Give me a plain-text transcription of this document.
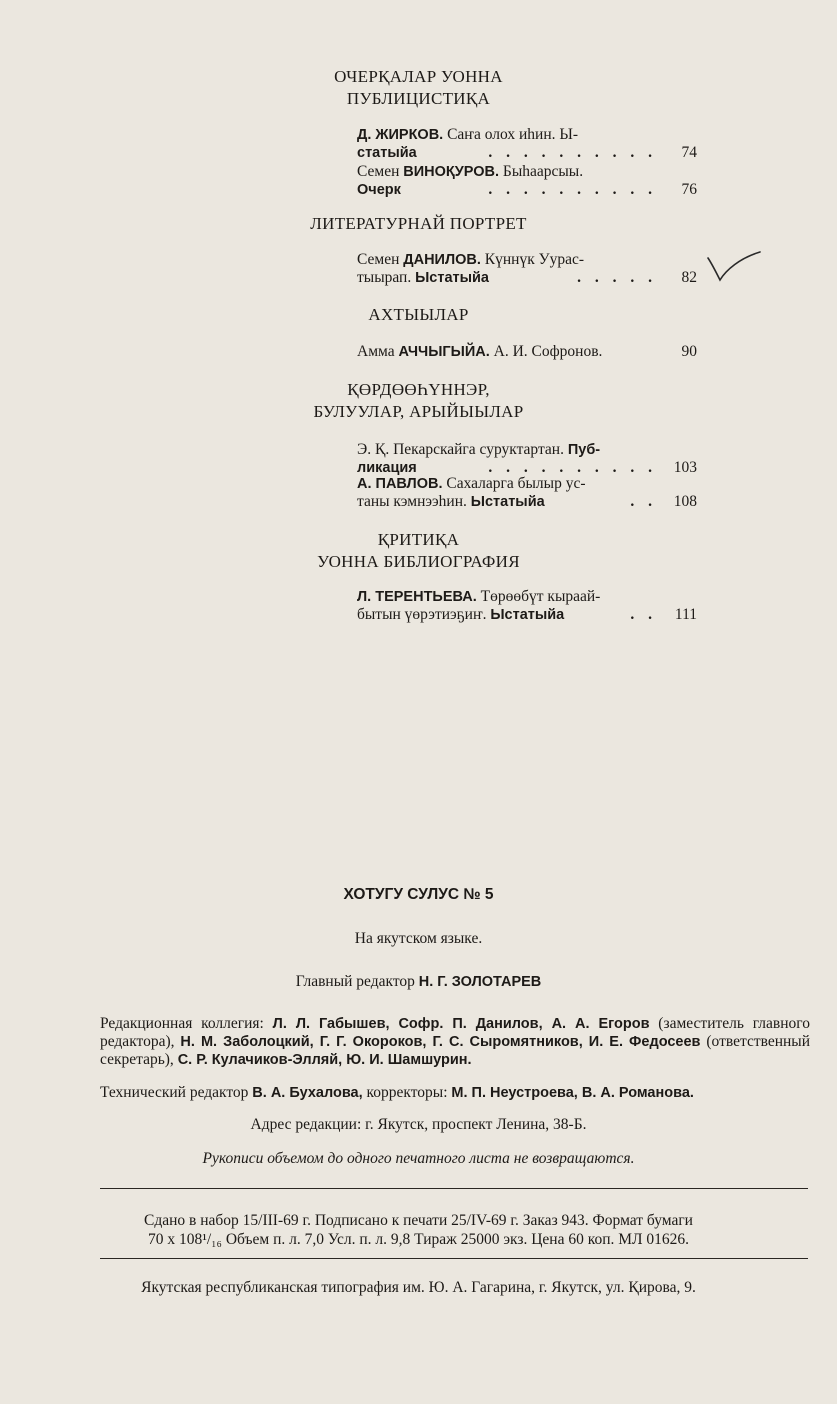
ОЧЕРҚАЛАР УОННА
ПУБЛИЦИСТИҚА
Д. ЖИРКОВ. Саҥа олох иһин. Ы-
статыйа	. . . . . . . . . .	74
Семен ВИНОҚУРОВ. Быһаарсыы.
Очерк	. . . . . . . . . .	76
ЛИТЕРАТУРНАЙ ПОРТРЕТ
Семен ДАНИЛОВ. Күннүк Уурас-
тыырап. Ыстатыйа	. . . . .	82
АХТЫЫЛАР
Амма АЧЧЫГЫЙА. А. И. Софронов.	90
ҚӨРДӨӨҺҮННЭР,
БУЛУУЛАР, АРЫЙЫЫЛАР
Э. Қ. Пекарскайга суруктартан. Пуб-
ликация	. . . . . . . . . .	103
А. ПАВЛОВ. Сахаларга былыр ус-
таны кэмнээһин. Ыстатыйа	. .	108
ҚРИТИҚА
УОННА БИБЛИОГРАФИЯ
Л. ТЕРЕНТЬЕВА. Төрөөбүт кыраай-
бытын үөрэтиэҕиҥ. Ыстатыйа	. .	111
ХОТУГУ СУЛУС № 5
На якутском языке.
Главный редактор Н. Г. ЗОЛОТАРЕВ
Редакционная коллегия: Л. Л. Габышев, Софр. П. Данилов, А. А. Егоров (заместитель главного редактора), Н. М. Заболоцкий, Г. Г. Окороков, Г. С. Сыромятников, И. Е. Федосеев (ответственный секретарь), С. Р. Кулачиков-Элляй, Ю. И. Шамшурин.
Технический редактор В. А. Бухалова, корректоры: М. П. Неустроева, В. А. Романова.
Адрес редакции: г. Якутск, проспект Ленина, 38-Б.
Рукописи объемом до одного печатного листа не возвращаются.
Сдано в набор 15/III-69 г. Подписано к печати 25/IV-69 г. Заказ 943. Формат бумаги
70 x 108¹/₁₆ Объем п. л. 7,0 Усл. п. л. 9,8 Тираж 25000 экз. Цена 60 коп. МЛ 01626.
Якутская республиканская типография им. Ю. А. Гагарина, г. Якутск, ул. Қирова, 9.
